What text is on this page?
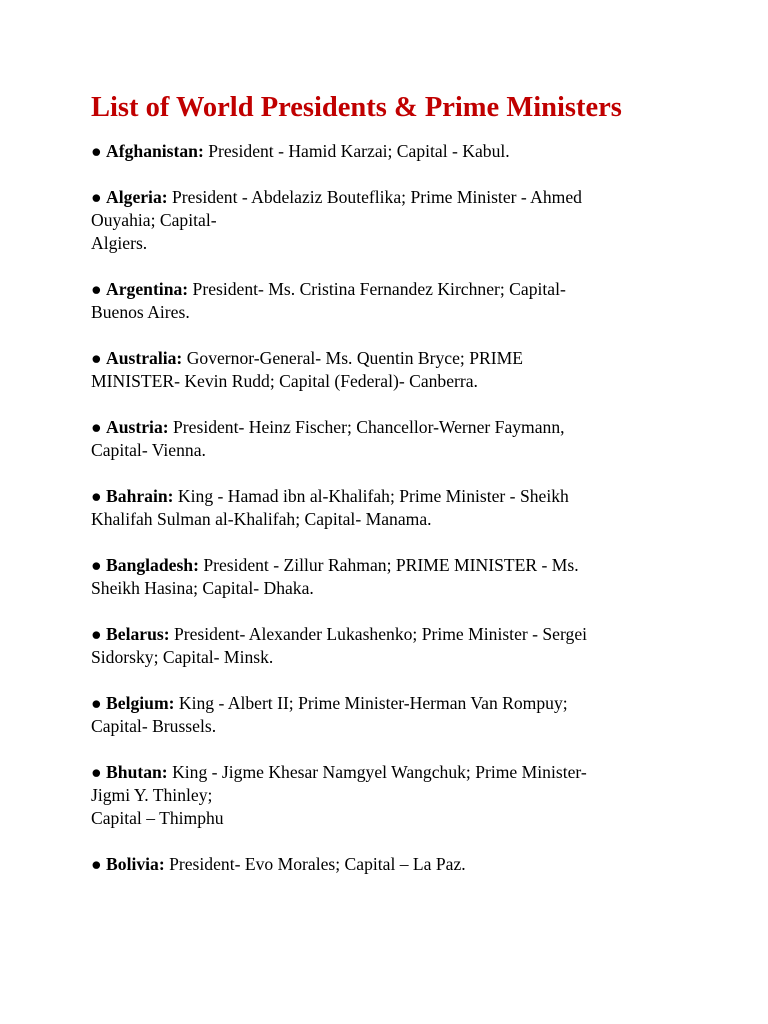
List of World Presidents & Prime Ministers
● Afghanistan: President - Hamid Karzai; Capital - Kabul.
● Algeria: President - Abdelaziz Bouteflika; Prime Minister - Ahmed
Ouyahia; Capital-
Algiers.
● Argentina: President- Ms. Cristina Fernandez Kirchner; Capital-
Buenos Aires.
● Australia: Governor-General- Ms. Quentin Bryce; PRIME
MINISTER- Kevin Rudd; Capital (Federal)- Canberra.
● Austria: President- Heinz Fischer; Chancellor-Werner Faymann,
Capital- Vienna.
● Bahrain: King - Hamad ibn al-Khalifah; Prime Minister - Sheikh
Khalifah Sulman al-Khalifah; Capital- Manama.
● Bangladesh: President - Zillur Rahman; PRIME MINISTER - Ms.
Sheikh Hasina; Capital- Dhaka.
● Belarus: President- Alexander Lukashenko; Prime Minister - Sergei
Sidorsky; Capital- Minsk.
● Belgium: King - Albert II; Prime Minister-Herman Van Rompuy;
Capital- Brussels.
● Bhutan: King - Jigme Khesar Namgyel Wangchuk; Prime Minister-
Jigmi Y. Thinley;
Capital – Thimphu
● Bolivia: President- Evo Morales; Capital – La Paz.
